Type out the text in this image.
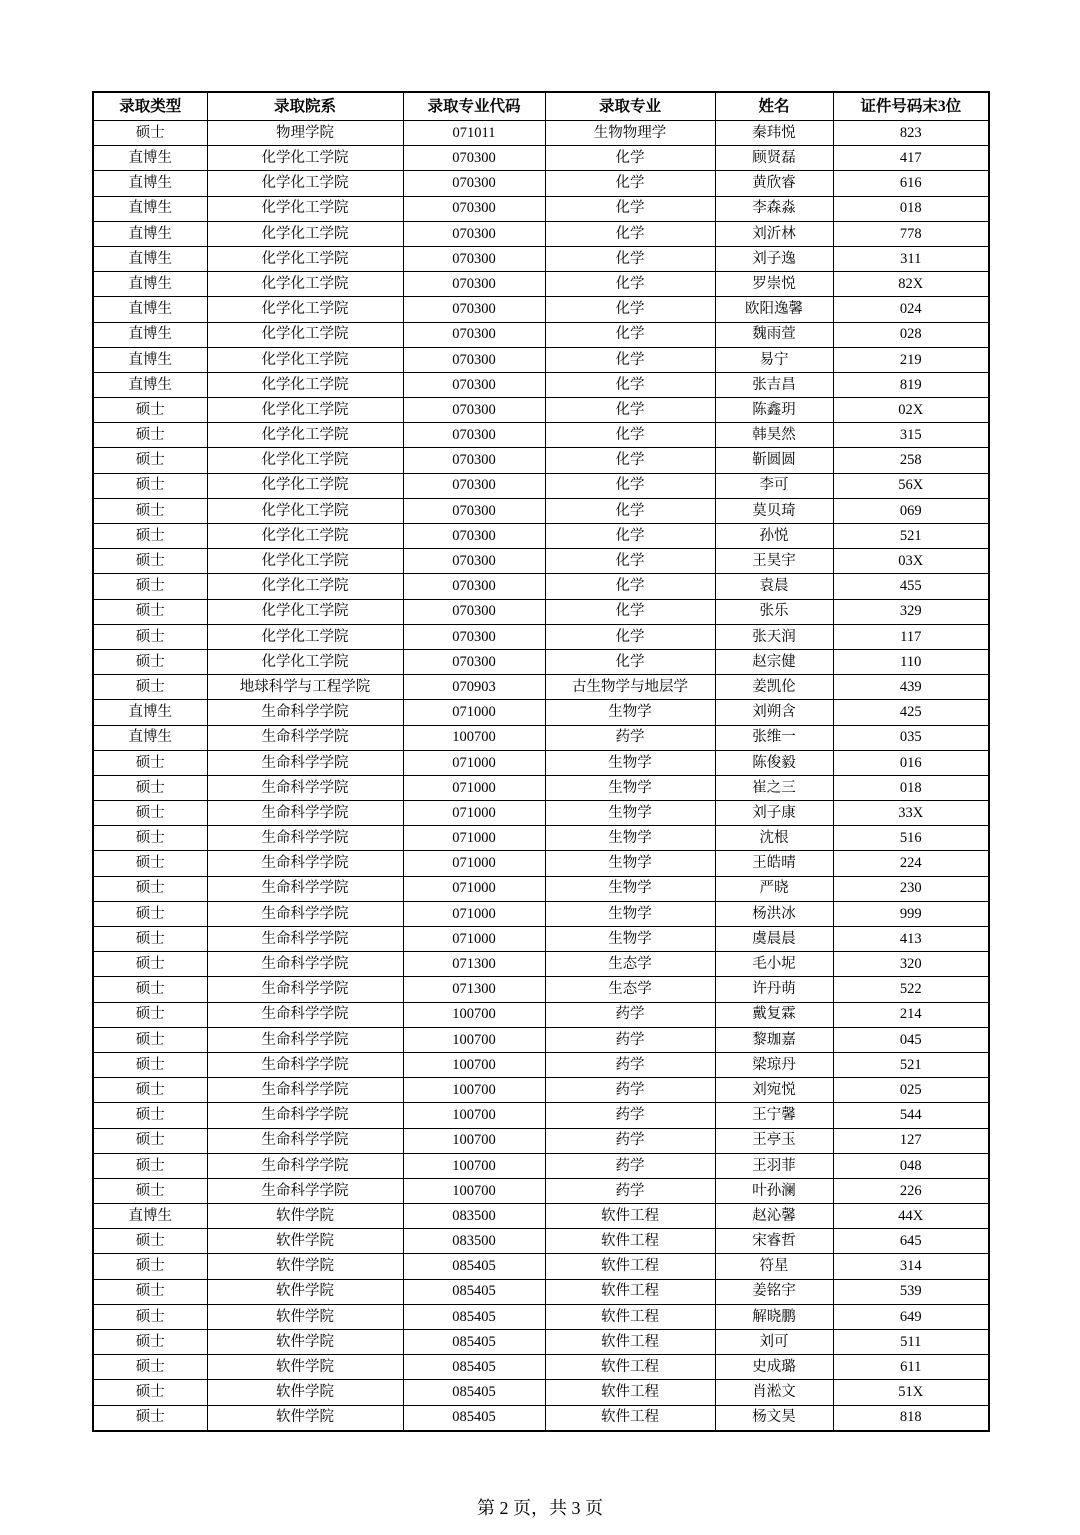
录取类型	录取院系	录取专业代码	录取专业	姓名	证件号码末3位
硕士	物理学院	071011	生物物理学	秦玮悦	823
直博生	化学化工学院	070300	化学	顾贤磊	417
直博生	化学化工学院	070300	化学	黄欣睿	616
直博生	化学化工学院	070300	化学	李森淼	018
直博生	化学化工学院	070300	化学	刘沂林	778
直博生	化学化工学院	070300	化学	刘子逸	311
直博生	化学化工学院	070300	化学	罗崇悦	82X
直博生	化学化工学院	070300	化学	欧阳逸馨	024
直博生	化学化工学院	070300	化学	魏雨萱	028
直博生	化学化工学院	070300	化学	易宁	219
直博生	化学化工学院	070300	化学	张吉昌	819
硕士	化学化工学院	070300	化学	陈鑫玥	02X
硕士	化学化工学院	070300	化学	韩昊然	315
硕士	化学化工学院	070300	化学	靳圆圆	258
硕士	化学化工学院	070300	化学	李可	56X
硕士	化学化工学院	070300	化学	莫贝琦	069
硕士	化学化工学院	070300	化学	孙悦	521
硕士	化学化工学院	070300	化学	王昊宇	03X
硕士	化学化工学院	070300	化学	袁晨	455
硕士	化学化工学院	070300	化学	张乐	329
硕士	化学化工学院	070300	化学	张天润	117
硕士	化学化工学院	070300	化学	赵宗健	110
硕士	地球科学与工程学院	070903	古生物学与地层学	姜凯伦	439
直博生	生命科学学院	071000	生物学	刘朔含	425
直博生	生命科学学院	100700	药学	张维一	035
硕士	生命科学学院	071000	生物学	陈俊毅	016
硕士	生命科学学院	071000	生物学	崔之三	018
硕士	生命科学学院	071000	生物学	刘子康	33X
硕士	生命科学学院	071000	生物学	沈根	516
硕士	生命科学学院	071000	生物学	王皓晴	224
硕士	生命科学学院	071000	生物学	严晓	230
硕士	生命科学学院	071000	生物学	杨洪冰	999
硕士	生命科学学院	071000	生物学	虞晨晨	413
硕士	生命科学学院	071300	生态学	毛小坭	320
硕士	生命科学学院	071300	生态学	许丹萌	522
硕士	生命科学学院	100700	药学	戴复霖	214
硕士	生命科学学院	100700	药学	黎珈嘉	045
硕士	生命科学学院	100700	药学	梁琼丹	521
硕士	生命科学学院	100700	药学	刘宛悦	025
硕士	生命科学学院	100700	药学	王宁馨	544
硕士	生命科学学院	100700	药学	王亭玉	127
硕士	生命科学学院	100700	药学	王羽菲	048
硕士	生命科学学院	100700	药学	叶孙澜	226
直博生	软件学院	083500	软件工程	赵沁馨	44X
硕士	软件学院	083500	软件工程	宋睿哲	645
硕士	软件学院	085405	软件工程	符星	314
硕士	软件学院	085405	软件工程	姜铭宇	539
硕士	软件学院	085405	软件工程	解晓鹏	649
硕士	软件学院	085405	软件工程	刘可	511
硕士	软件学院	085405	软件工程	史成璐	611
硕士	软件学院	085405	软件工程	肖淞文	51X
硕士	软件学院	085405	软件工程	杨文昊	818
第 2 页，共 3 页
